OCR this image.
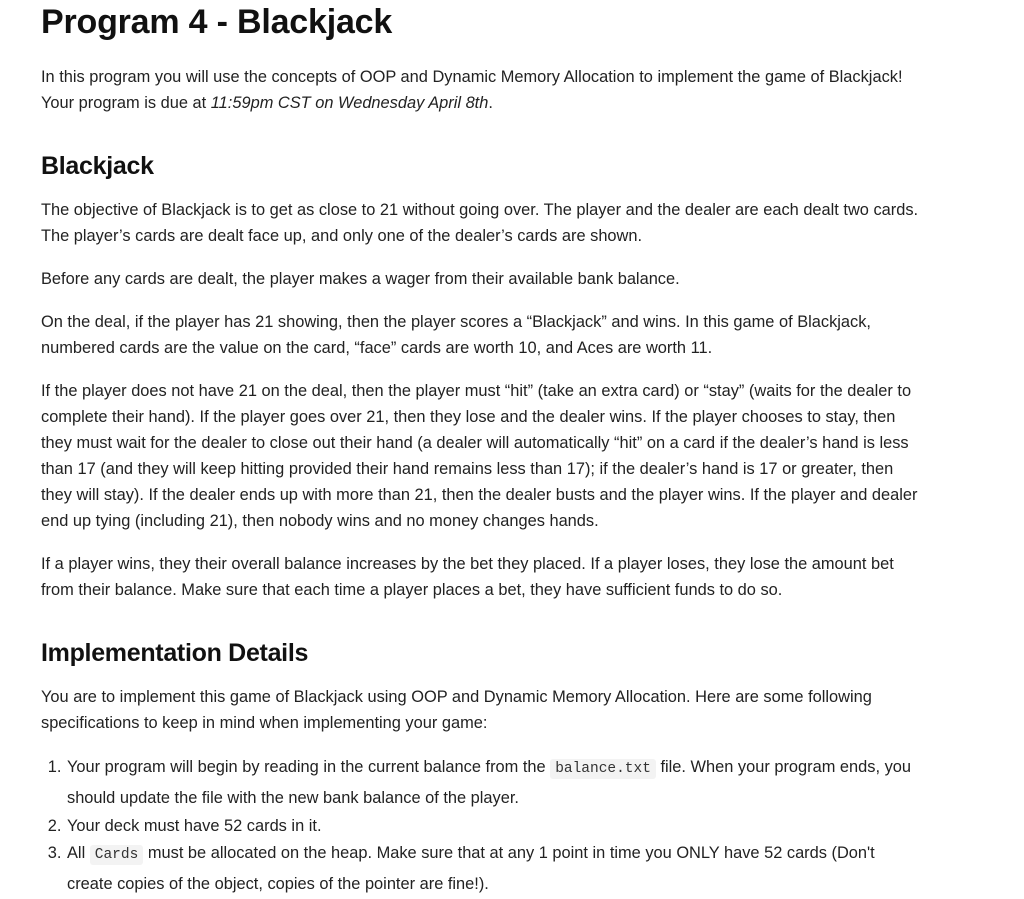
Program 4 - Blackjack

In this program you will use the concepts of OOP and Dynamic Memory Allocation to implement the game of Blackjack! Your program is due at 11:59pm CST on Wednesday April 8th.

Blackjack

The objective of Blackjack is to get as close to 21 without going over. The player and the dealer are each dealt two cards. The player’s cards are dealt face up, and only one of the dealer’s cards are shown.

Before any cards are dealt, the player makes a wager from their available bank balance.

On the deal, if the player has 21 showing, then the player scores a “Blackjack” and wins. In this game of Blackjack, numbered cards are the value on the card, “face” cards are worth 10, and Aces are worth 11.

If the player does not have 21 on the deal, then the player must “hit” (take an extra card) or “stay” (waits for the dealer to complete their hand). If the player goes over 21, then they lose and the dealer wins. If the player chooses to stay, then they must wait for the dealer to close out their hand (a dealer will automatically “hit” on a card if the dealer’s hand is less than 17 (and they will keep hitting provided their hand remains less than 17); if the dealer’s hand is 17 or greater, then they will stay). If the dealer ends up with more than 21, then the dealer busts and the player wins. If the player and dealer end up tying (including 21), then nobody wins and no money changes hands.

If a player wins, they their overall balance increases by the bet they placed. If a player loses, they lose the amount bet from their balance. Make sure that each time a player places a bet, they have sufficient funds to do so.

Implementation Details

You are to implement this game of Blackjack using OOP and Dynamic Memory Allocation. Here are some following specifications to keep in mind when implementing your game:

1. Your program will begin by reading in the current balance from the balance.txt file. When your program ends, you should update the file with the new bank balance of the player.
2. Your deck must have 52 cards in it.
3. All Cards must be allocated on the heap. Make sure that at any 1 point in time you ONLY have 52 cards (Don't create copies of the object, copies of the pointer are fine!).
